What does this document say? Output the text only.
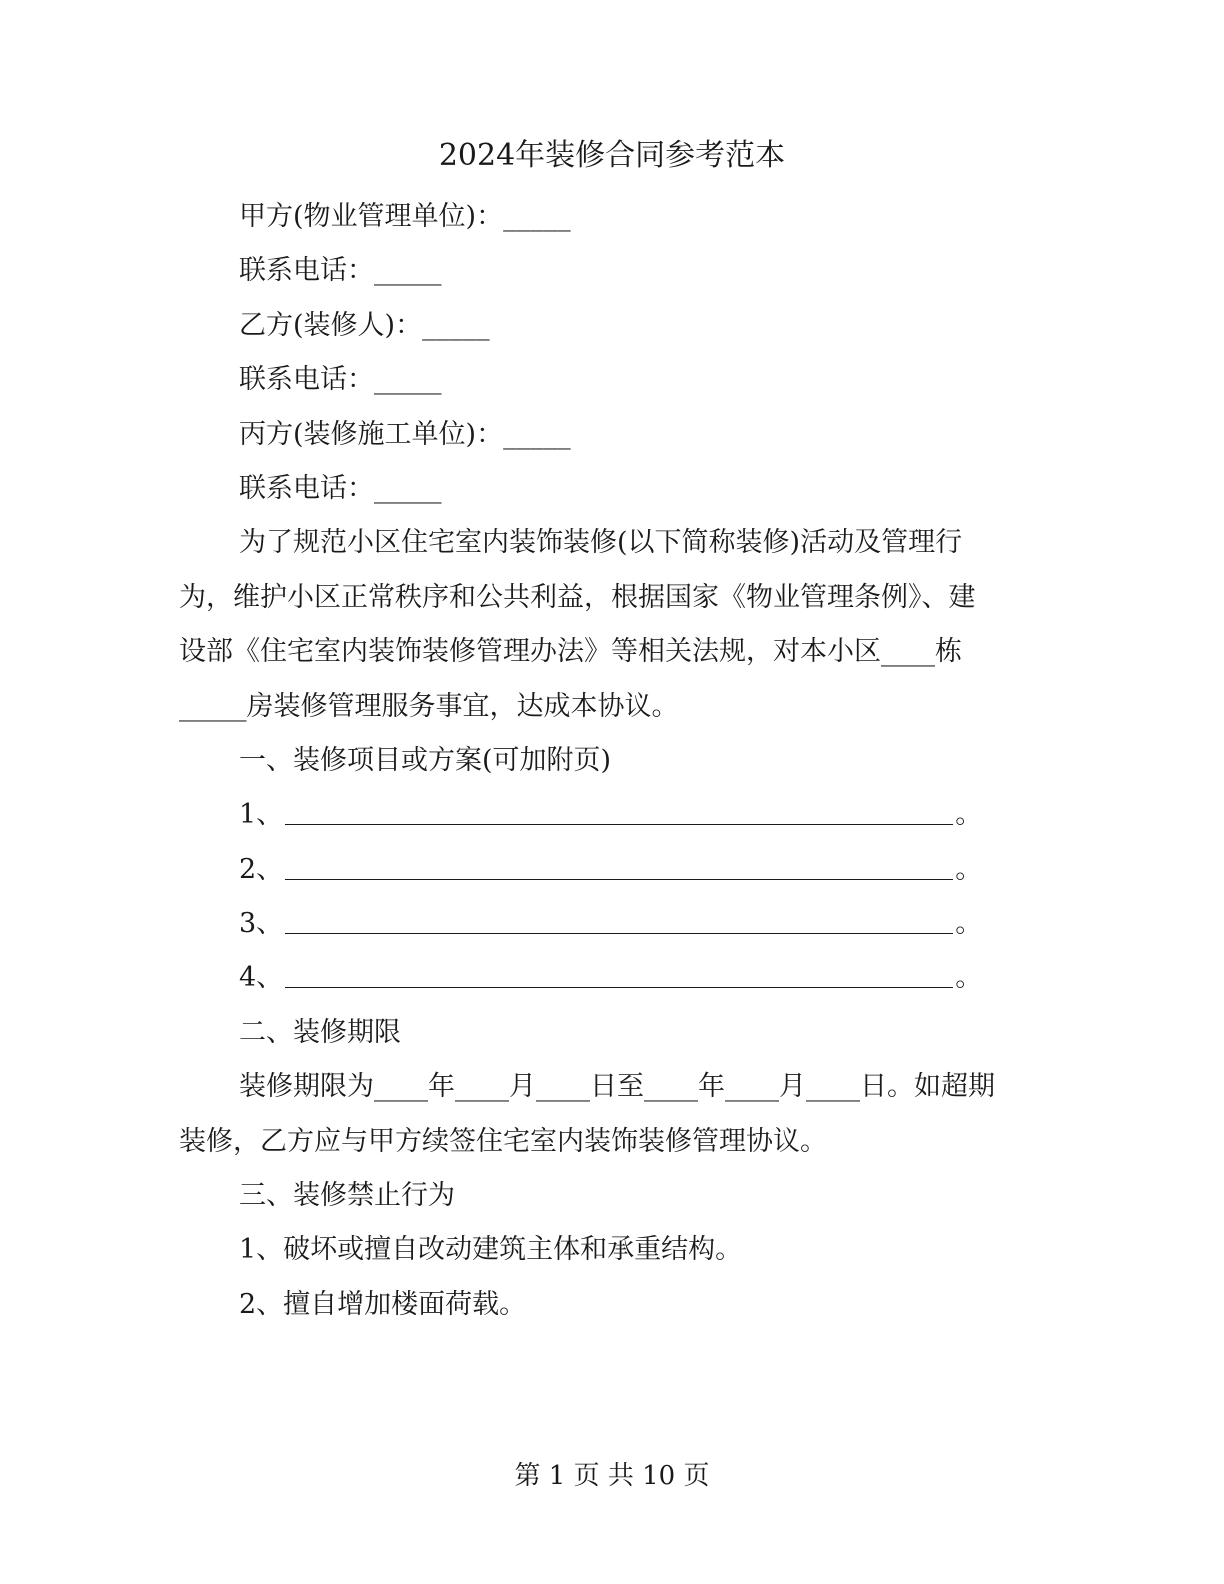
2024年装修合同参考范本
甲方(物业管理单位)：_____
联系电话：_____
乙方(装修人)：_____
联系电话：_____
丙方(装修施工单位)：_____
联系电话：_____
为了规范小区住宅室内装饰装修(以下简称装修)活动及管理行
为，维护小区正常秩序和公共利益，根据国家《物业管理条例》、建
设部《住宅室内装饰装修管理办法》等相关法规，对本小区____栋
_____房装修管理服务事宜，达成本协议。
一、装修项目或方案(可加附页)
1、	。
2、	。
3、	。
4、	。
二、装修期限
装修期限为____年____月____日至____年____月____日。如超期
装修，乙方应与甲方续签住宅室内装饰装修管理协议。
三、装修禁止行为
1、破坏或擅自改动建筑主体和承重结构。
2、擅自增加楼面荷载。
第 1 页 共 10 页
